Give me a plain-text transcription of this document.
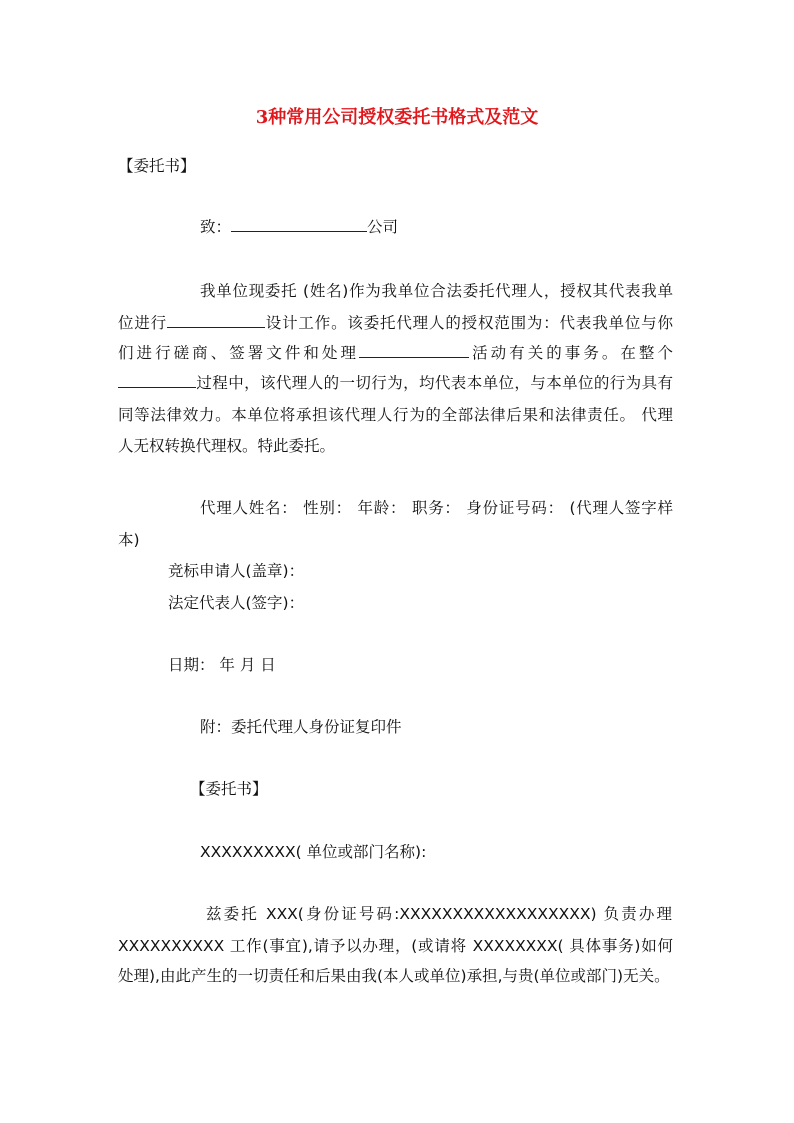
3种常用公司授权委托书格式及范文
【委托书】
致：	公司
我单位现委托 (姓名)作为我单位合法委托代理人，授权其代表我单
位进行	设计工作。该委托代理人的授权范围为：代表我单位与你
们进行磋商、签署文件和处理	活动有关的事务。在整个
过程中，该代理人的一切行为，均代表本单位，与本单位的行为具有
同等法律效力。本单位将承担该代理人行为的全部法律后果和法律责任。 代理
人无权转换代理权。特此委托。
代理人姓名： 性别： 年龄： 职务： 身份证号码： (代理人签字样
本)
竞标申请人(盖章)：
法定代表人(签字)：
日期： 年 月 日
附：委托代理人身份证复印件
【委托书】
XXXXXXXXX( 单位或部门名称):
兹委托 XXX(身份证号码:XXXXXXXXXXXXXXXXXX) 负责办理
XXXXXXXXXX 工作(事宜),请予以办理，(或请将 XXXXXXXX( 具体事务)如何
处理),由此产生的一切责任和后果由我(本人或单位)承担,与贵(单位或部门)无关。
